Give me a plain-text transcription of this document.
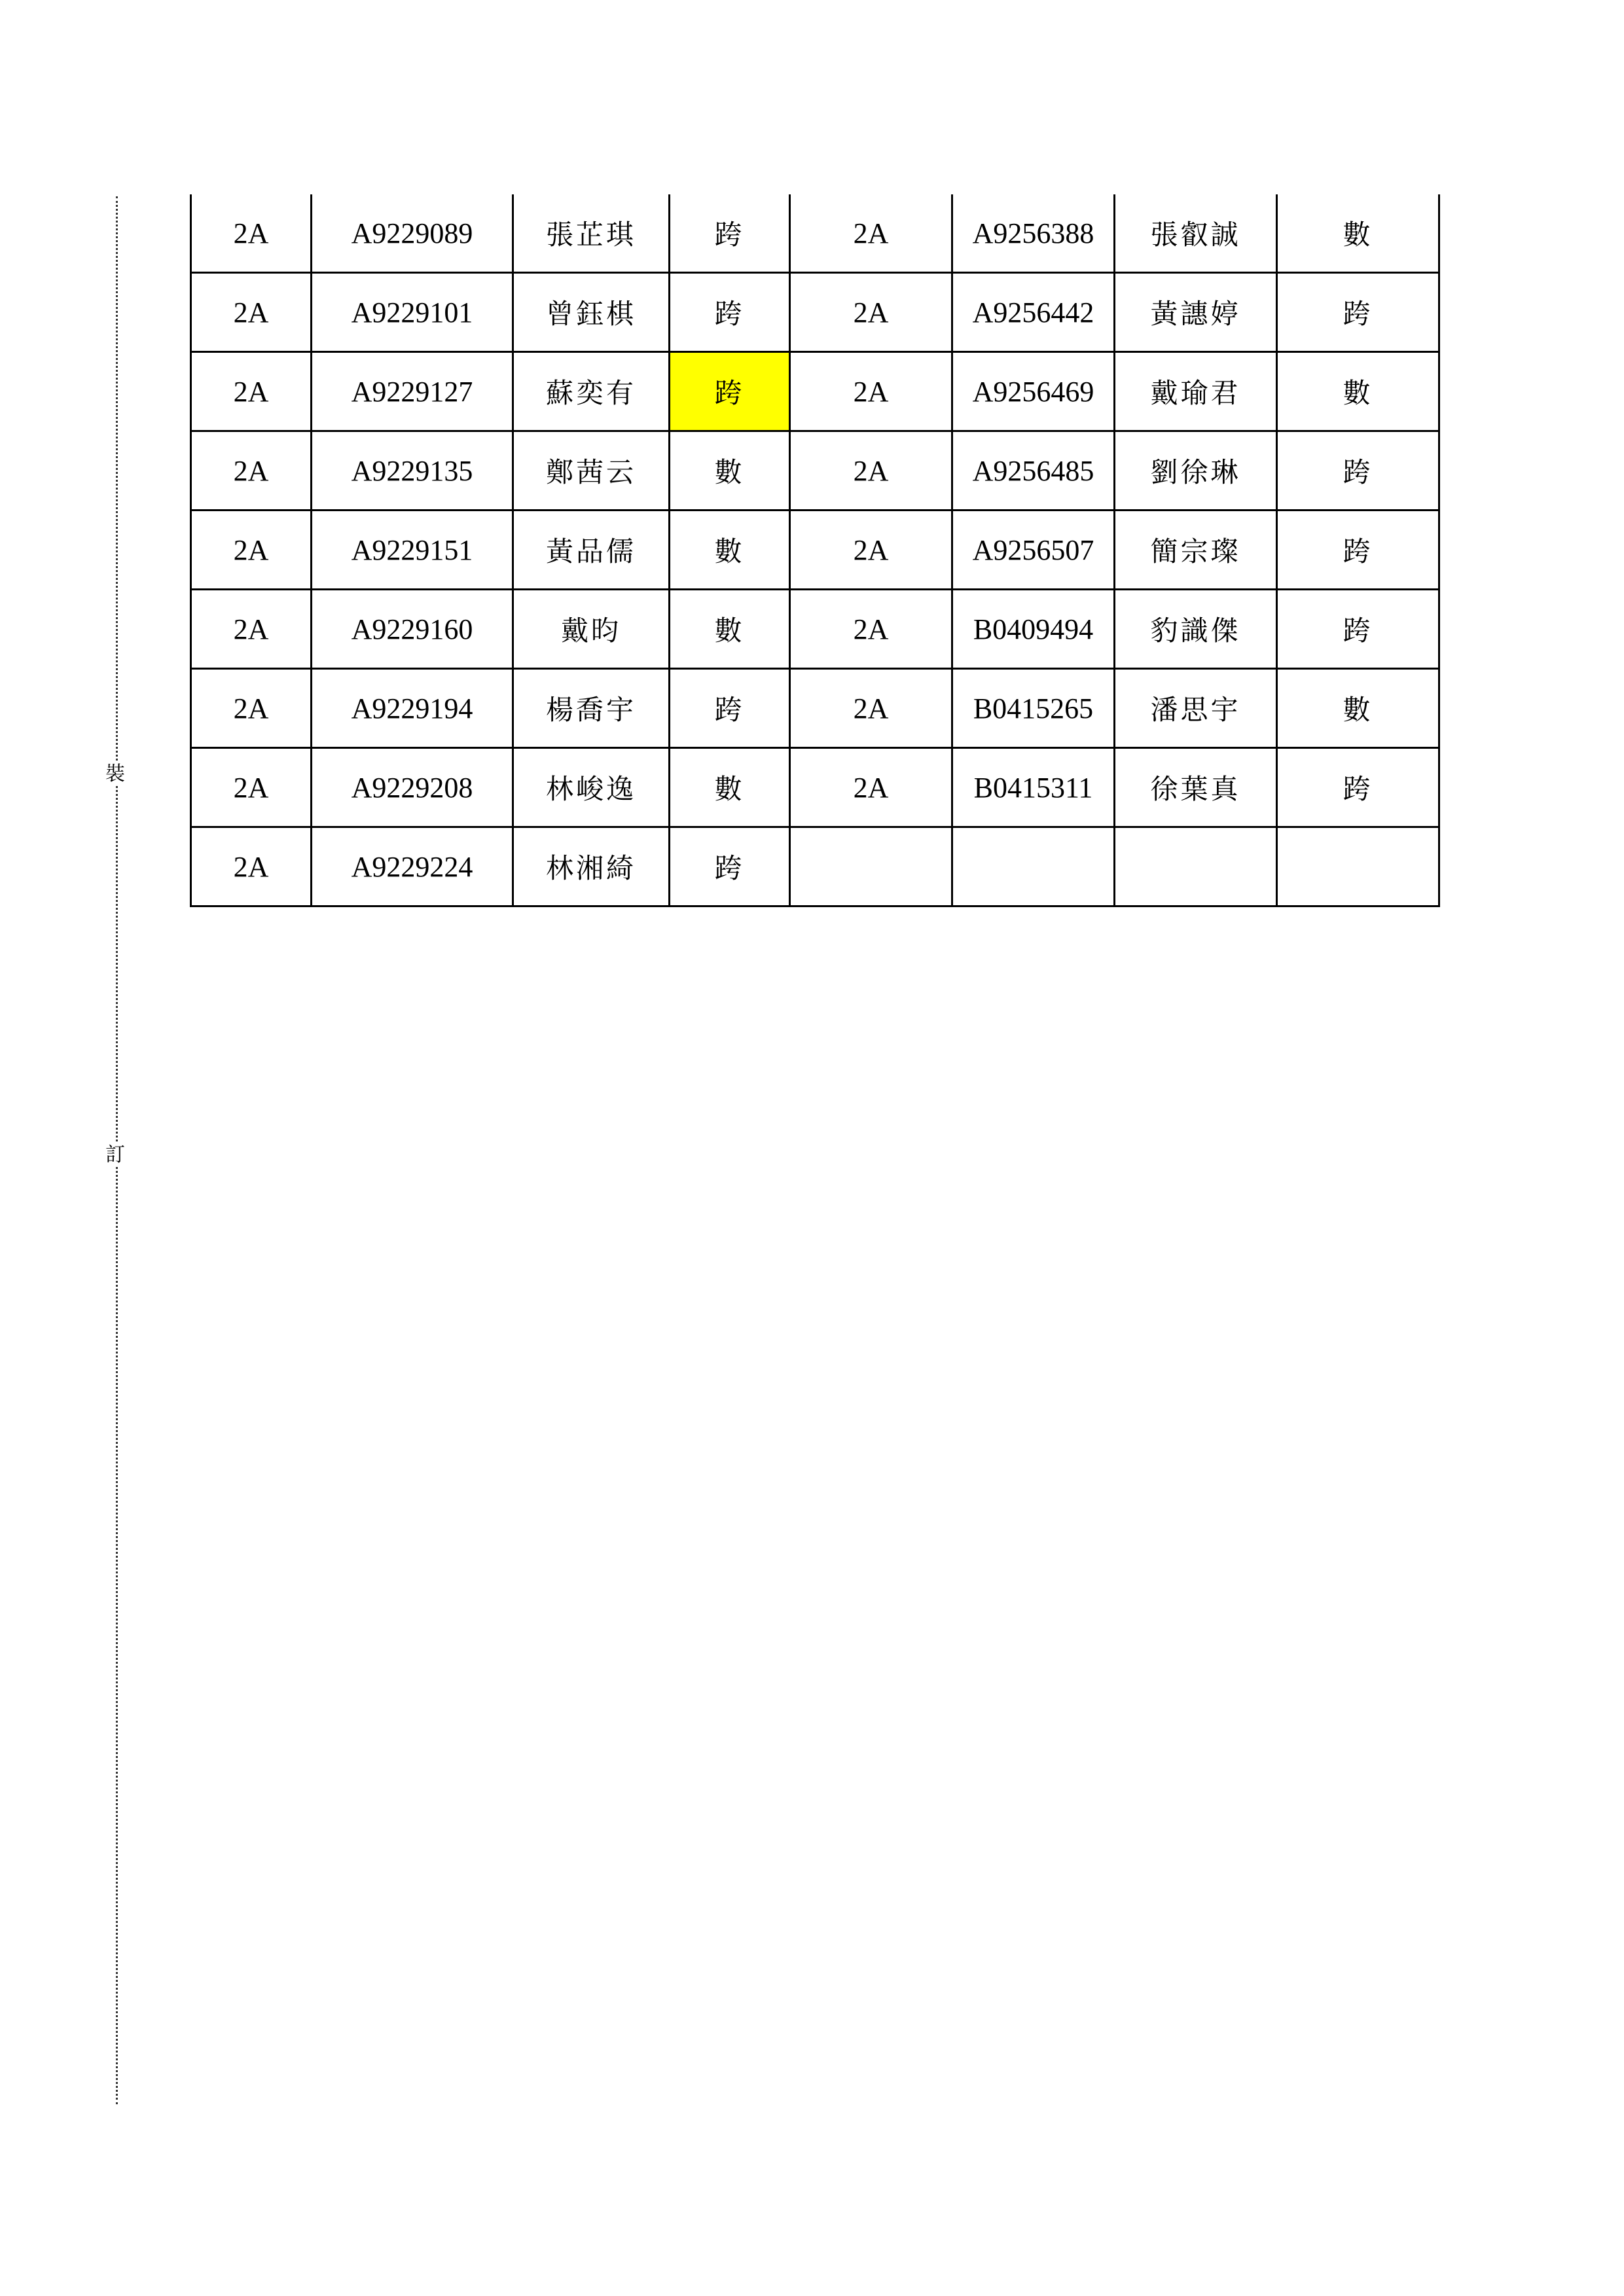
裝
訂
2A	A9229089	張芷琪	跨	2A	A9256388	張叡誠	數
2A	A9229101	曾鈺棋	跨	2A	A9256442	黃譓婷	跨
2A	A9229127	蘇奕有	跨	2A	A9256469	戴瑜君	數
2A	A9229135	鄭茜云	數	2A	A9256485	劉徐琳	跨
2A	A9229151	黃品儒	數	2A	A9256507	簡宗璨	跨
2A	A9229160	戴昀	數	2A	B0409494	豹識傑	跨
2A	A9229194	楊喬宇	跨	2A	B0415265	潘思宇	數
2A	A9229208	林峻逸	數	2A	B0415311	徐葉真	跨
2A	A9229224	林湘綺	跨				
